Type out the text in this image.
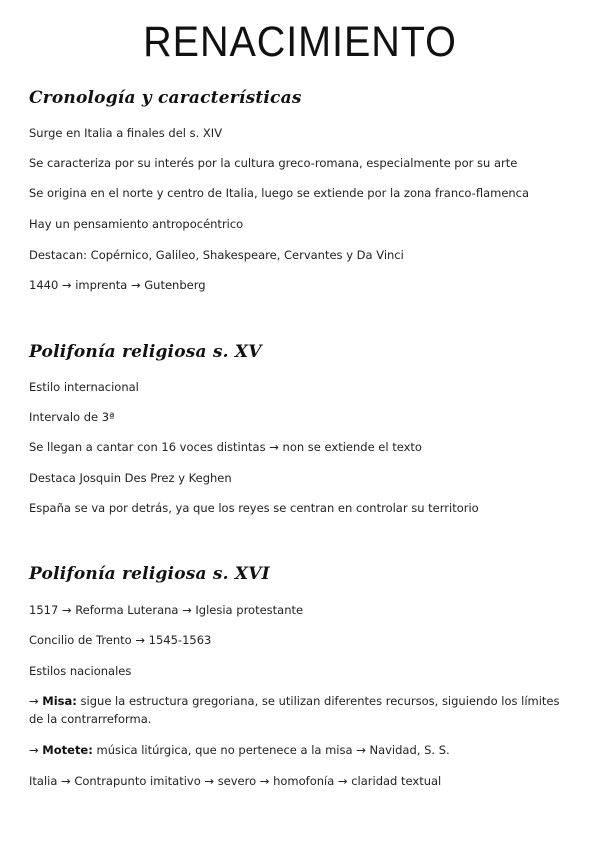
RENACIMIENTO
Cronología y características

Surge en Italia a finales del s. XIV

Se caracteriza por su interés por la cultura greco-romana, especialmente por su arte

Se origina en el norte y centro de Italia, luego se extiende por la zona franco-flamenca

Hay un pensamiento antropocéntrico

Destacan: Copérnico, Galileo, Shakespeare, Cervantes y Da Vinci

1440 → imprenta → Gutenberg

Polifonía religiosa s. XV

Estilo internacional

Intervalo de 3ª

Se llegan a cantar con 16 voces distintas → non se extiende el texto

Destaca Josquin Des Prez y Keghen

España se va por detrás, ya que los reyes se centran en controlar su territorio

Polifonía religiosa s. XVI

1517 → Reforma Luterana → Iglesia protestante

Concilio de Trento → 1545-1563

Estilos nacionales

→ Misa: sigue la estructura gregoriana, se utilizan diferentes recursos, siguiendo los límites de la contrarreforma.

→ Motete: música litúrgica, que no pertenece a la misa → Navidad, S. S.

Italia → Contrapunto imitativo → severo → homofonía → claridad textual
